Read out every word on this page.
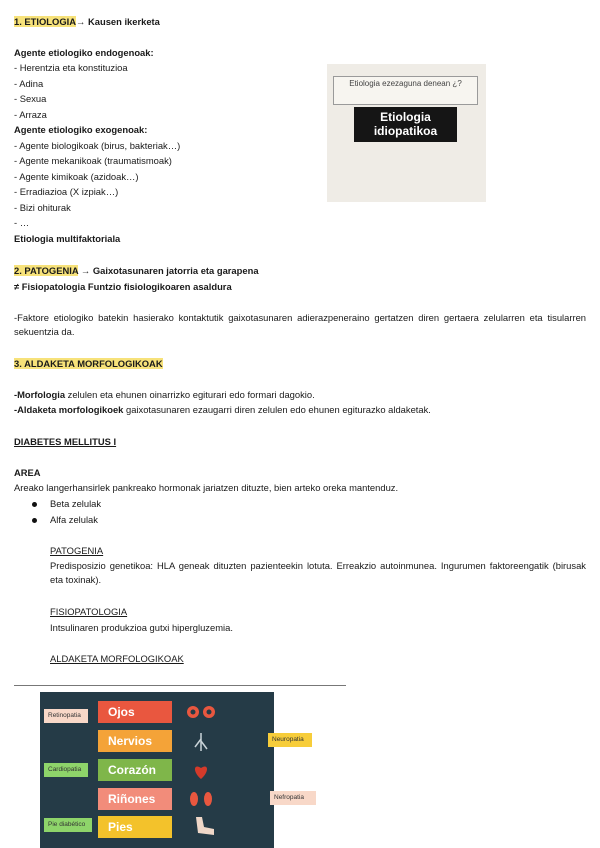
1. ETIOLOGIA→ Kausen ikerketa
Agente etiologiko endogenoak:
- Herentzia eta konstituzioa
- Adina
- Sexua
- Arraza
Agente etiologiko exogenoak:
- Agente biologikoak (birus, bakteriak…)
- Agente mekanikoak (traumatismoak)
- Agente kimikoak (azidoak…)
- Erradiazioa (X izpiak…)
- Bizi ohiturak
- …
Etiologia multifaktoriala
Etiologia ezezaguna denean ¿?
Etiologia idiopatikoa
2. PATOGENIA → Gaixotasunaren jatorria eta garapena
≠ Fisiopatologia Funtzio fisiologikoaren asaldura
-Faktore etiologiko batekin hasierako kontaktutik gaixotasunaren adierazpeneraino gertatzen diren gertaera zelularren eta tisularren sekuentzia da.
3. ALDAKETA MORFOLOGIKOAK
-Morfologia zelulen eta ehunen oinarrizko egiturari edo formari dagokio.
-Aldaketa morfologikoek gaixotasunaren ezaugarri diren zelulen edo ehunen egiturazko aldaketak.
DIABETES MELLITUS I
AREA
Areako langerhansirlek pankreako hormonak jariatzen dituzte, bien arteko oreka mantenduz.
Beta zelulak
Alfa zelulak
PATOGENIA
Predisposizio genetikoa: HLA geneak dituzten pazienteekin lotuta. Erreakzio autoinmunea. Ingurumen faktoreengatik (birusak eta toxinak).
FISIOPATOLOGIA
Intsulinaren produkzioa gutxi hipergluzemia.
ALDAKETA MORFOLOGIKOAK
Ojos
Nervios
Corazón
Riñones
Pies
Retinopatia
Neuropatia
Cardiopatia
Nefropatia
Pie diabético
